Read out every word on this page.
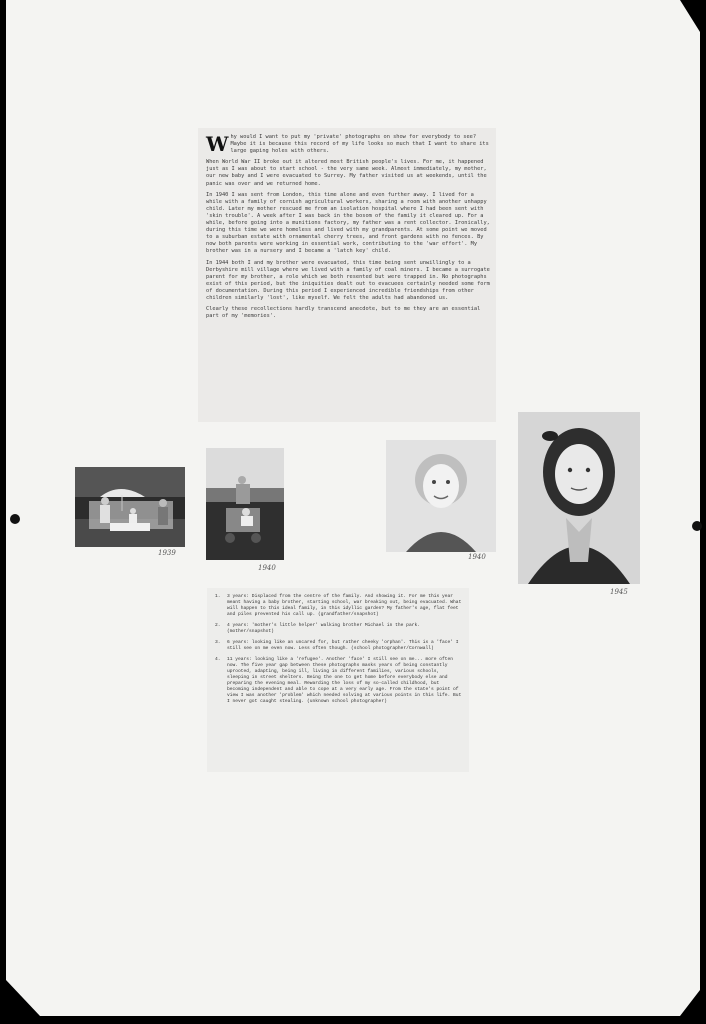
Why would I want to put my 'private' photographs on show for everybody to see? Maybe it is because this record of my life looks so much that I want to share its large gaping holes with others.

When World War II broke out it altered most British people's lives. For me, it happened just as I was about to start school - the very same week. Almost immediately, my mother, our new baby and I were evacuated to Surrey. My father visited us at weekends, until the panic was over and we returned home.

In 1940 I was sent from London, this time alone and even further away. I lived for a while with a family of cornish agricultural workers, sharing a room with another unhappy child. Later my mother rescued me from an isolation hospital where I had been sent with 'skin trouble'. A week after I was back in the bosom of the family it cleared up. For a while, before going into a munitions factory, my father was a rent collector. Ironically, during this time we were homeless and lived with my grandparents. At some point we moved to a suburban estate with ornamental cherry trees, and front gardens with no fences. By now both parents were working in essential work, contributing to the 'war effort'. My brother was in a nursery and I became a 'latch key' child.

In 1944 both I and my brother were evacuated, this time being sent unwillingly to a Derbyshire mill village where we lived with a family of coal miners. I became a surrogate parent for my brother, a role which we both resented but were trapped in. No photographs exist of this period, but the iniquities dealt out to evacuees certainly needed some form of documentation. During this period I experienced incredible friendships from other children similarly 'lost', like myself. We felt the adults had abandoned us.

Clearly these recollections hardly transcend anecdote, but to me they are an essential part of my 'memories'.

1939
1940
1940
1945
1.	3 years: Displaced from the centre of the family. And showing it. For me this year meant having a baby brother, starting school, war breaking out, being evacuated. What will happen to this ideal family, in this idyllic garden? My father's age, flat feet and piles prevented his call up. (grandfather/snapshot)
2.	4 years: 'mother's little helper' walking brother Michael in the park. (mother/snapshot)
3.	6 years: looking like an uncared for, but rather cheeky 'orphan'. This is a 'face' I still see on me even now. Less often though. (school photographer/Cornwall)
4.	11 years: looking like a 'refugee'. Another 'face' I still see on me... more often now. The five year gap between these photographs masks years of being constantly uprooted, adapting, being ill, living in different families, various schools, sleeping in street shelters. Being the one to get home before everybody else and preparing the evening meal. Rewarding the loss of my so-called childhood, but becoming independent and able to cope at a very early age. From the state's point of view I was another 'problem' which needed solving at various points in this life. But I never got caught stealing. (unknown school photographer)
